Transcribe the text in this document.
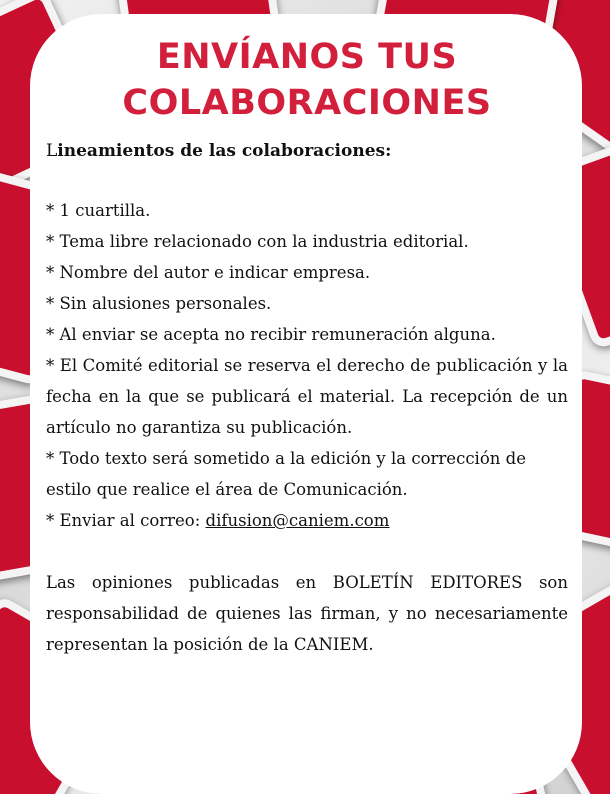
ENVÍANOS TUS
COLABORACIONES
Lineamientos de las colaboraciones:

* 1 cuartilla.

* Tema libre relacionado con la industria editorial.

* Nombre del autor e indicar empresa.

* Sin alusiones personales.

* Al enviar se acepta no recibir remuneración alguna.

* El Comité editorial se reserva el derecho de publicación y la fecha en la que se publicará el material. La recepción de un artículo no garantiza su publicación.

* Todo texto será sometido a la edición y la corrección de estilo que realice el área de Comunicación.

* Enviar al correo: difusion@caniem.com

Las opiniones publicadas en BOLETÍN EDITORES son responsabilidad de quienes las firman, y no necesariamente representan la posición de la CANIEM.
